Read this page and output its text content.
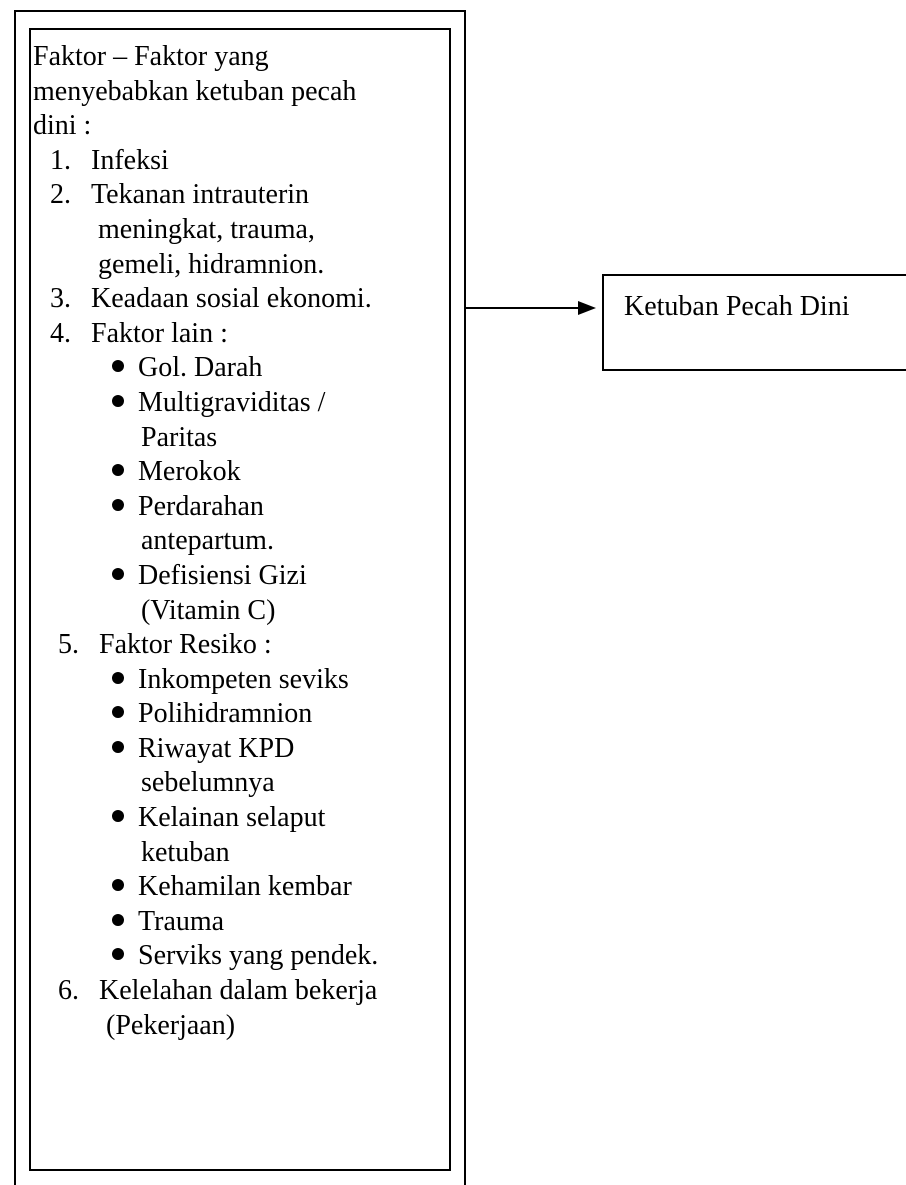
Faktor – Faktor yang
menyebabkan ketuban pecah
dini :
1. Infeksi
2. Tekanan intrauterin
meningkat, trauma,
gemeli, hidramnion.
3. Keadaan sosial ekonomi.
4. Faktor lain :
Gol. Darah
Multigraviditas /
Paritas
Merokok
Perdarahan
antepartum.
Defisiensi Gizi
(Vitamin C)
5. Faktor Resiko :
Inkompeten seviks
Polihidramnion
Riwayat KPD
sebelumnya
Kelainan selaput
ketuban
Kehamilan kembar
Trauma
Serviks yang pendek.
6. Kelelahan dalam bekerja
(Pekerjaan)
Ketuban Pecah Dini
